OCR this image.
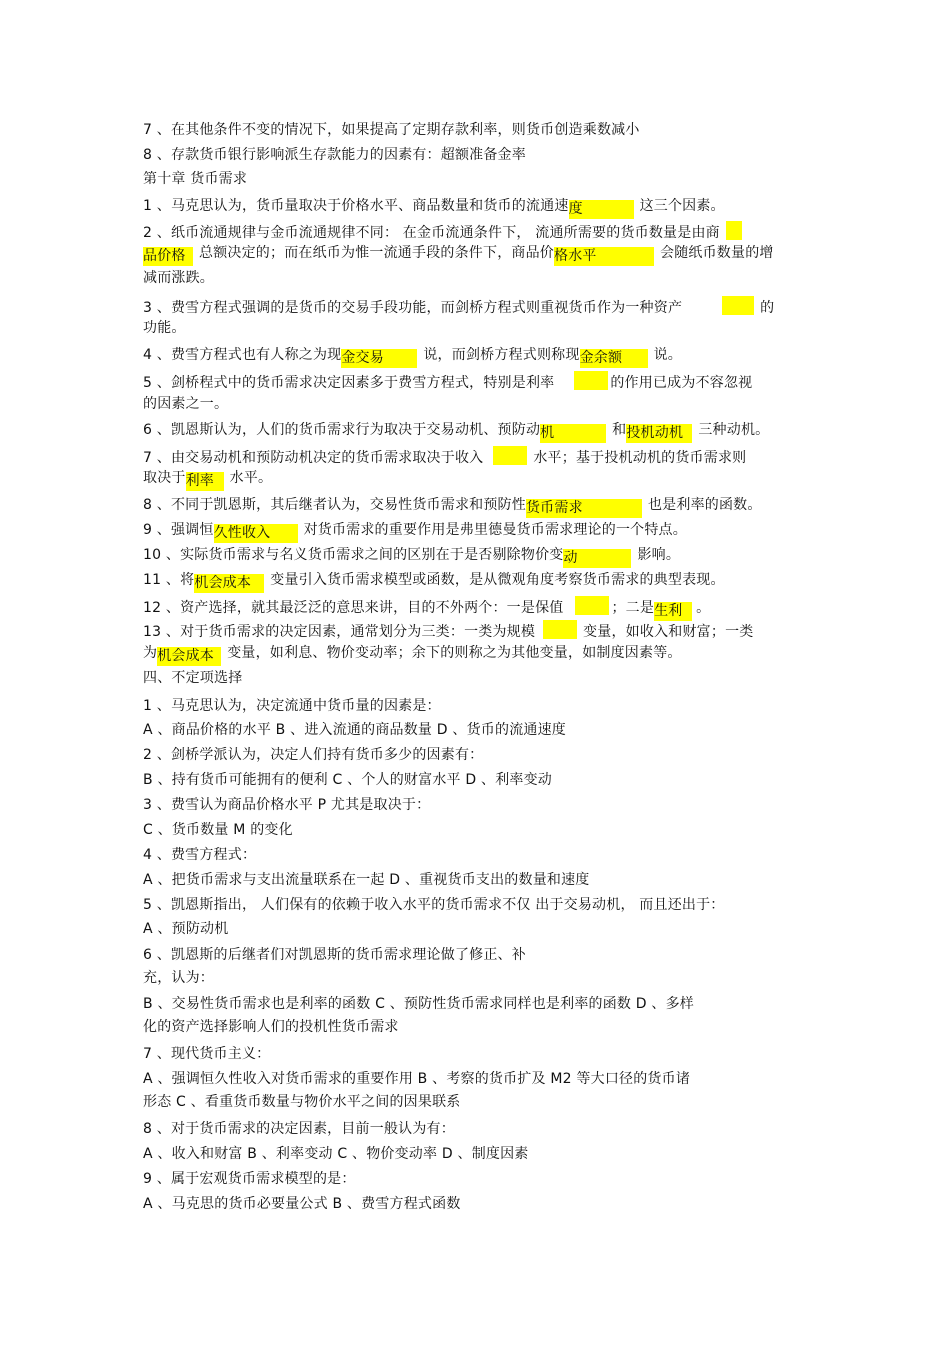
7 、在其他条件不变的情况下，如果提高了定期存款利率，则货币创造乘数减小
8 、存款货币银行影响派生存款能力的因素有：超额准备金率
第十章 货币需求
1 、马克思认为，货币量取决于价格水平、商品数量和货币的流通速度	这三个因素。
2 、纸币流通规律与金币流通规律不同： 在金币流通条件下， 流通所需要的货币数量是由商
品价格 总额决定的；而在纸币为惟一流通手段的条件下，商品价格水平	会随纸币数量的增
减而涨跌。
3 、费雪方程式强调的是货币的交易手段功能，而剑桥方程式则重视货币作为一种资产	的
功能。
4 、费雪方程式也有人称之为现金交易	说，而剑桥方程式则称现金余额 说。
5 、剑桥程式中的货币需求决定因素多于费雪方程式，特别是利率	的作用已成为不容忽视
的因素之一。
6 、凯恩斯认为，人们的货币需求行为取决于交易动机、预防动机	和投机动机 三种动机。
7 、由交易动机和预防动机决定的货币需求取决于收入	水平；基于投机动机的货币需求则
取决于利率 水平。
8 、不同于凯恩斯，其后继者认为，交易性货币需求和预防性货币需求	也是利率的函数。
9 、强调恒久性收入 对货币需求的重要作用是弗里德曼货币需求理论的一个特点。
10 、实际货币需求与名义货币需求之间的区别在于是否剔除物价变动	影响。
11 、将机会成本 变量引入货币需求模型或函数，是从微观角度考察货币需求的典型表现。
12 、资产选择，就其最泛泛的意思来讲，目的不外两个：一是保值	；二是生利 。
13 、对于货币需求的决定因素，通常划分为三类：一类为规模	变量，如收入和财富；一类
为机会成本 变量，如利息、物价变动率；余下的则称之为其他变量，如制度因素等。
四、不定项选择
1 、马克思认为，决定流通中货币量的因素是：
A 、商品价格的水平 B 、进入流通的商品数量 D 、货币的流通速度
2 、剑桥学派认为，决定人们持有货币多少的因素有：
B 、持有货币可能拥有的便利 C 、个人的财富水平 D 、利率变动
3 、费雪认为商品价格水平 P 尤其是取决于：
C 、货币数量 M 的变化
4 、费雪方程式：
A 、把货币需求与支出流量联系在一起 D 、重视货币支出的数量和速度
5 、凯恩斯指出， 人们保有的依赖于收入水平的货币需求不仅 出于交易动机， 而且还出于：
A 、预防动机
6 、凯恩斯的后继者们对凯恩斯的货币需求理论做了修正、补
充，认为：
B 、交易性货币需求也是利率的函数 C 、预防性货币需求同样也是利率的函数 D 、多样
化的资产选择影响人们的投机性货币需求
7 、现代货币主义：
A 、强调恒久性收入对货币需求的重要作用 B 、考察的货币扩及 M2 等大口径的货币诸
形态 C 、看重货币数量与物价水平之间的因果联系
8 、对于货币需求的决定因素，目前一般认为有：
A 、收入和财富 B 、利率变动 C 、物价变动率 D 、制度因素
9 、属于宏观货币需求模型的是：
A 、马克思的货币必要量公式 B 、费雪方程式函数
